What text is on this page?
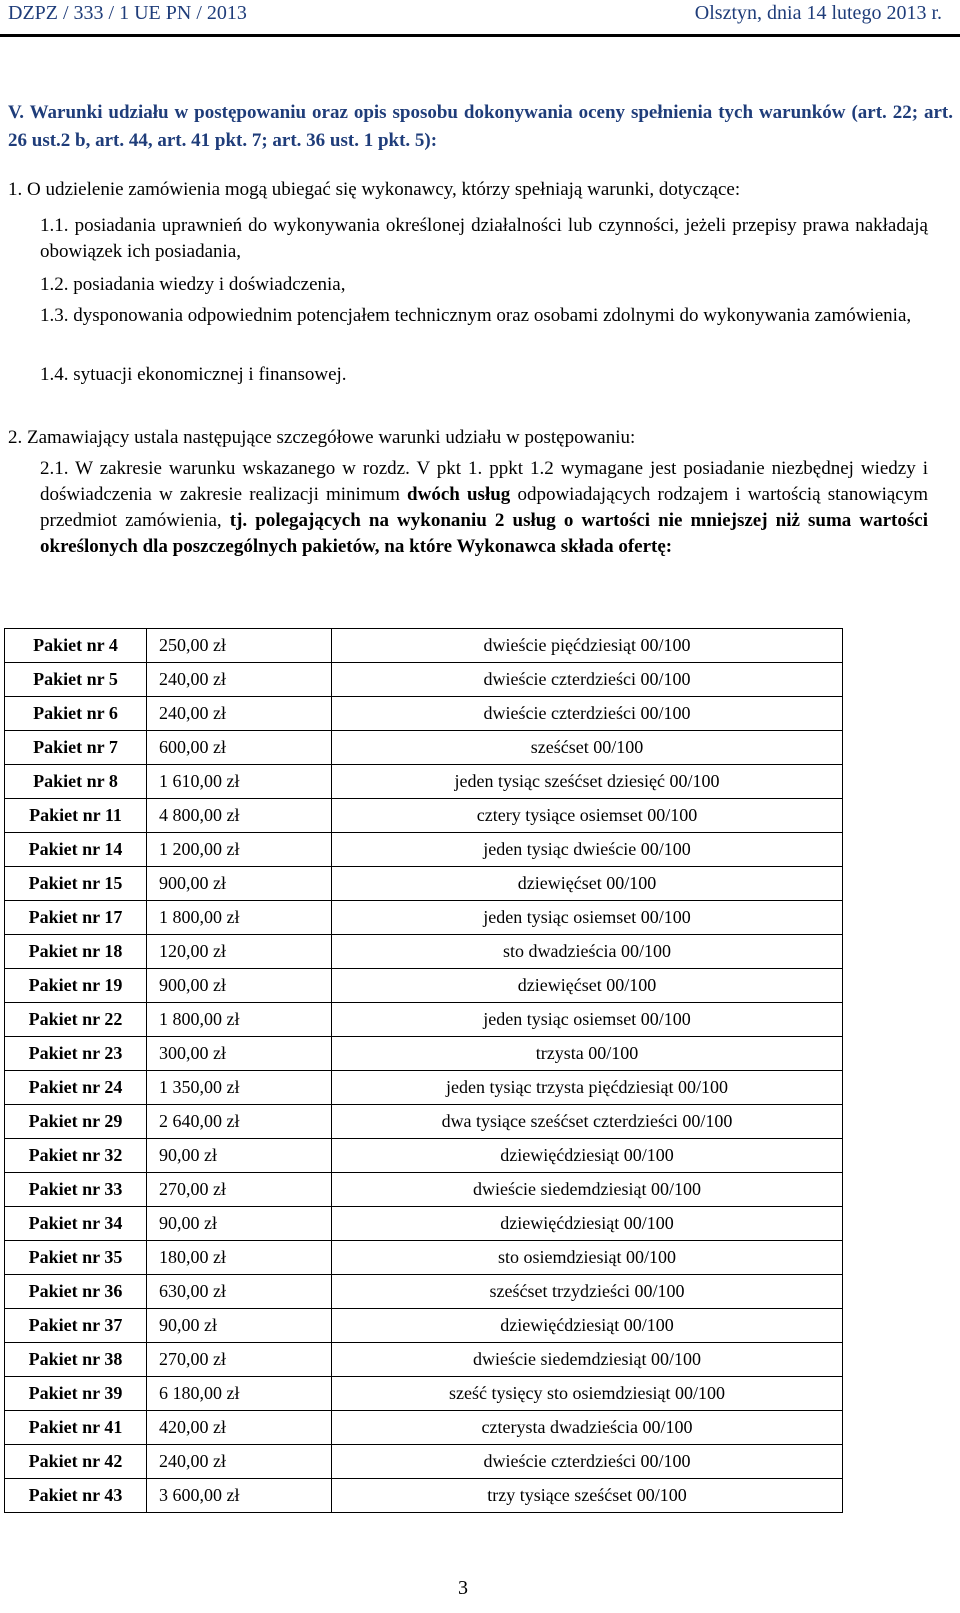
DZPZ / 333 / 1 UE PN / 2013	Olsztyn, dnia 14 lutego 2013 r.
V. Warunki udziału w postępowaniu oraz opis sposobu dokonywania oceny spełnienia tych warunków (art. 22; art. 26 ust.2 b, art. 44, art. 41 pkt. 7; art. 36 ust. 1 pkt. 5):
1. O udzielenie zamówienia mogą ubiegać się wykonawcy, którzy spełniają warunki, dotyczące:
1.1. posiadania uprawnień do wykonywania określonej działalności lub czynności, jeżeli przepisy prawa nakładają obowiązek ich posiadania,
1.2. posiadania wiedzy i doświadczenia,
1.3. dysponowania odpowiednim potencjałem technicznym oraz osobami zdolnymi do wykonywania zamówienia,
1.4. sytuacji ekonomicznej i finansowej.
2. Zamawiający ustala następujące szczegółowe warunki udziału w postępowaniu:
2.1. W zakresie warunku wskazanego w rozdz. V pkt 1. ppkt 1.2 wymagane jest posiadanie niezbędnej wiedzy i doświadczenia w zakresie realizacji minimum dwóch usług odpowiadających rodzajem i wartością stanowiącym przedmiot zamówienia, tj. polegających na wykonaniu 2 usług o wartości nie mniejszej niż suma wartości określonych dla poszczególnych pakietów, na które Wykonawca składa ofertę:
Pakiet nr 4	250,00 zł	dwieście pięćdziesiąt 00/100
Pakiet nr 5	240,00 zł	dwieście czterdzieści 00/100
Pakiet nr 6	240,00 zł	dwieście czterdzieści 00/100
Pakiet nr 7	600,00 zł	sześćset 00/100
Pakiet nr 8	1 610,00 zł	jeden tysiąc sześćset dziesięć 00/100
Pakiet nr 11	4 800,00 zł	cztery tysiące osiemset 00/100
Pakiet nr 14	1 200,00 zł	jeden tysiąc dwieście 00/100
Pakiet nr 15	900,00 zł	dziewięćset 00/100
Pakiet nr 17	1 800,00 zł	jeden tysiąc osiemset 00/100
Pakiet nr 18	120,00 zł	sto dwadzieścia 00/100
Pakiet nr 19	900,00 zł	dziewięćset 00/100
Pakiet nr 22	1 800,00 zł	jeden tysiąc osiemset 00/100
Pakiet nr 23	300,00 zł	trzysta 00/100
Pakiet nr 24	1 350,00 zł	jeden tysiąc trzysta pięćdziesiąt 00/100
Pakiet nr 29	2 640,00 zł	dwa tysiące sześćset czterdzieści 00/100
Pakiet nr 32	90,00 zł	dziewięćdziesiąt 00/100
Pakiet nr 33	270,00 zł	dwieście siedemdziesiąt 00/100
Pakiet nr 34	90,00 zł	dziewięćdziesiąt 00/100
Pakiet nr 35	180,00 zł	sto osiemdziesiąt 00/100
Pakiet nr 36	630,00 zł	sześćset trzydzieści 00/100
Pakiet nr 37	90,00 zł	dziewięćdziesiąt 00/100
Pakiet nr 38	270,00 zł	dwieście siedemdziesiąt 00/100
Pakiet nr 39	6 180,00 zł	sześć tysięcy sto osiemdziesiąt 00/100
Pakiet nr 41	420,00 zł	czterysta dwadzieścia 00/100
Pakiet nr 42	240,00 zł	dwieście czterdzieści 00/100
Pakiet nr 43	3 600,00 zł	trzy tysiące sześćset 00/100
3
